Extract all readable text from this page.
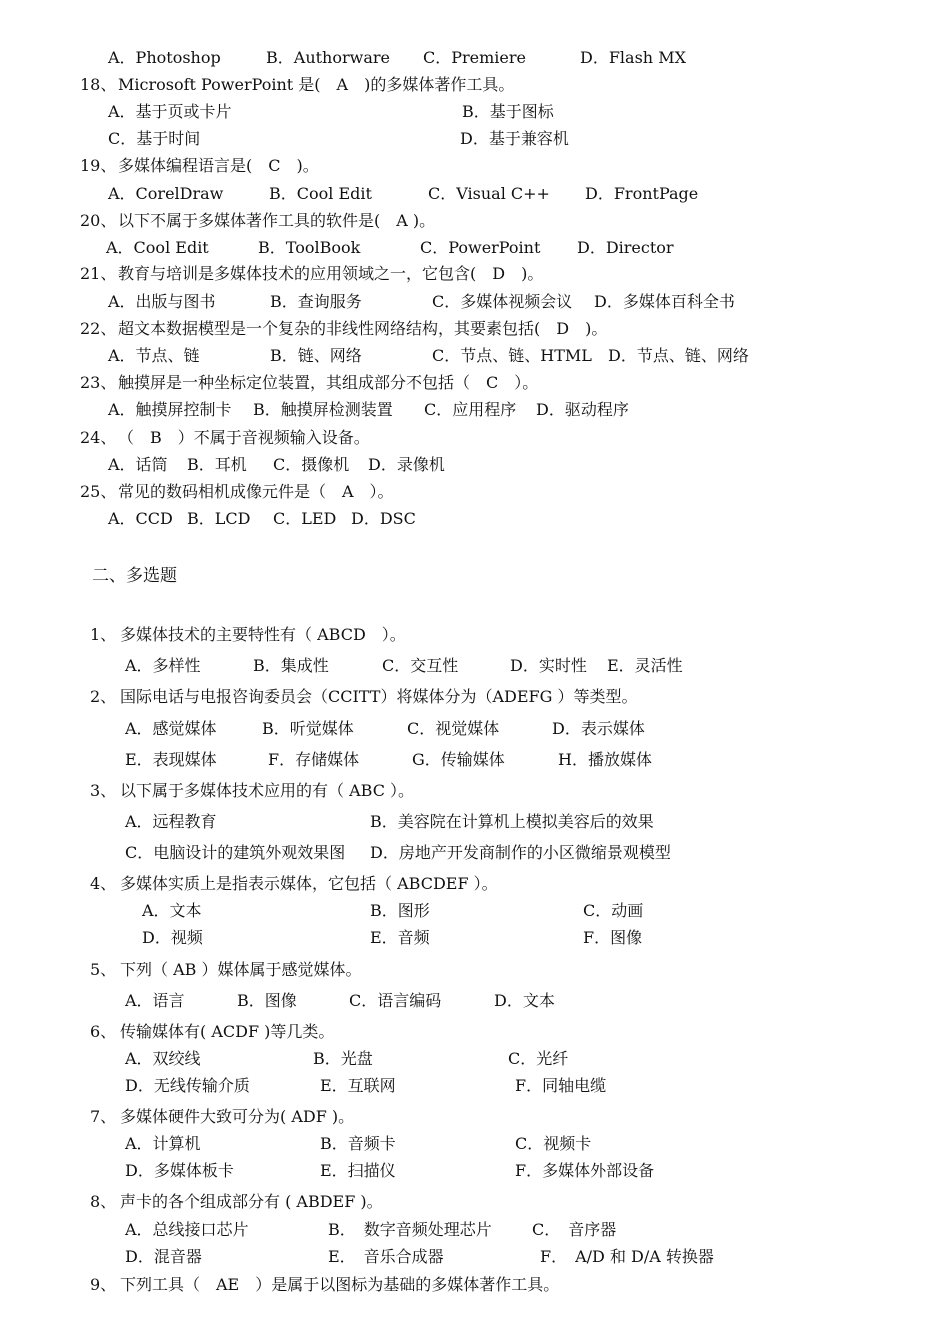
二、多选题
A．Photoshop	B．Authorware C．Premiere	D．Flash MX
18、 Microsoft PowerPoint 是(　A　)的多媒体著作工具。
A．基于页或卡片	B．基于图标
C．基于时间	D．基于兼容机
19、 多媒体编程语言是(　C　)。
A．CorelDraw	B．Cool Edit	C．Visual C++ D．FrontPage
20、 以下不属于多媒体著作工具的软件是(　A )。
A．Cool Edit	B．ToolBook	C．PowerPoint D．Director
21、 教育与培训是多媒体技术的应用领域之一，它包含(　D　)。
A．出版与图书	B．查询服务	C．多媒体视频会议 D．多媒体百科全书
22、 超文本数据模型是一个复杂的非线性网络结构，其要素包括(　D　)。
A．节点、链	B．链、网络	C．节点、链、HTML D．节点、链、网络
23、 触摸屏是一种坐标定位装置，其组成部分不包括（　C　）。
A．触摸屏控制卡 B．触摸屏检测装置 C．应用程序 D．驱动程序
24、 （　B　）不属于音视频输入设备。
A．话筒 B．耳机 C．摄像机 D．录像机
25、 常见的数码相机成像元件是（　A　）。
A．CCD B．LCD C．LED D．DSC
1、 多媒体技术的主要特性有（ ABCD　）。
A．多样性	B．集成性	C．交互性	D．实时性 E．灵活性
2、 国际电话与电报咨询委员会（CCITT）将媒体分为（ADEFG ）等类型。
A．感觉媒体	B．听觉媒体	C．视觉媒体	D．表示媒体
E．表现媒体	F．存储媒体	G．传输媒体	H．播放媒体
3、 以下属于多媒体技术应用的有（ ABC ）。
A．远程教育	B．美容院在计算机上模拟美容后的效果
C．电脑设计的建筑外观效果图 D．房地产开发商制作的小区微缩景观模型
4、 多媒体实质上是指表示媒体，它包括（ ABCDEF ）。
A．文本	B．图形	C．动画
D．视频	E．音频	F．图像
5、 下列（ AB ）媒体属于感觉媒体。
A．语言	B．图像	C．语言编码	D．文本
6、 传输媒体有( ACDF )等几类。
A．双绞线	B．光盘	C．光纤
D．无线传输介质	E．互联网	F．同轴电缆
7、 多媒体硬件大致可分为( ADF )。
A．计算机	B．音频卡	C．视频卡
D．多媒体板卡	E．扫描仪	F．多媒体外部设备
8、 声卡的各个组成部分有 ( ABDEF )。
A．总线接口芯片	B．　数字音频处理芯片	C．　音序器
D．混音器	E．　音乐合成器	F．　A/D 和 D/A 转换器
9、 下列工具（　AE　）是属于以图标为基础的多媒体著作工具。
